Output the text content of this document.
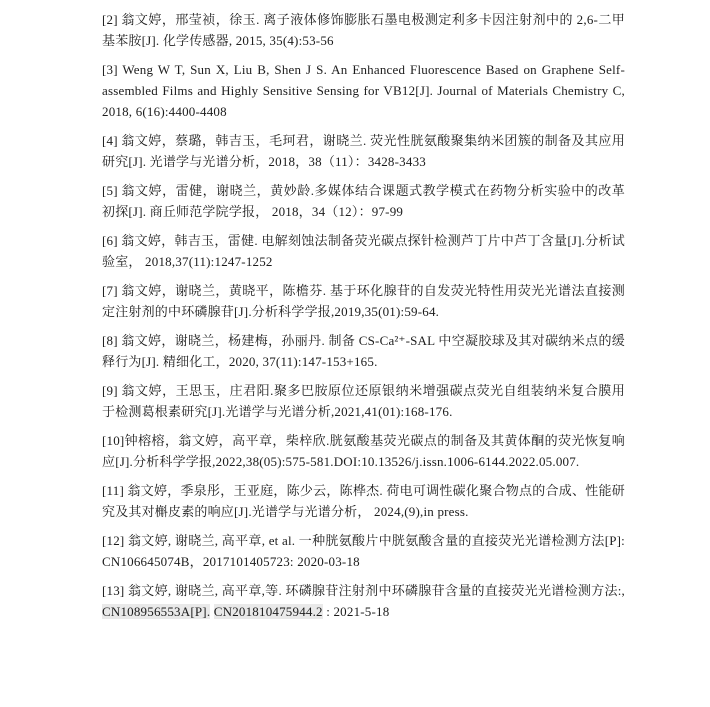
[2] 翁文婷，邢莹祯，徐玉. 离子液体修饰膨胀石墨电极测定利多卡因注射剂中的 2,6-二甲基苯胺[J]. 化学传感器, 2015, 35(4):53-56

[3] Weng W T, Sun X, Liu B, Shen J S. An Enhanced Fluorescence Based on Graphene Self-assembled Films and Highly Sensitive Sensing for VB12[J]. Journal of Materials Chemistry C, 2018, 6(16):4400-4408

[4] 翁文婷，蔡璐，韩吉玉，毛珂君，谢晓兰. 荧光性胱氨酸聚集纳米团簇的制备及其应用研究[J]. 光谱学与光谱分析，2018，38（11）：3428-3433

[5] 翁文婷，雷健，谢晓兰，黄妙龄.多媒体结合课题式教学模式在药物分析实验中的改革初探[J]. 商丘师范学院学报， 2018，34（12）：97-99

[6] 翁文婷，韩吉玉，雷健. 电解刻蚀法制备荧光碳点探针检测芦丁片中芦丁含量[J].分析试验室， 2018,37(11):1247-1252

[7] 翁文婷，谢晓兰，黄晓平，陈檐芬. 基于环化腺苷的自发荧光特性用荧光光谱法直接测定注射剂的中环磷腺苷[J].分析科学学报,2019,35(01):59-64.

[8] 翁文婷，谢晓兰，杨建梅，孙丽丹. 制备 CS-Ca²⁺-SAL 中空凝胶球及其对碳纳米点的缓释行为[J]. 精细化工，2020, 37(11):147-153+165.

[9] 翁文婷，王思玉，庄君阳.聚多巴胺原位还原银纳米增强碳点荧光自组装纳米复合膜用于检测葛根素研究[J].光谱学与光谱分析,2021,41(01):168-176.

[10]钟榕榕，翁文婷，高平章，柴梓欣.胱氨酸基荧光碳点的制备及其黄体酮的荧光恢复响应[J].分析科学学报,2022,38(05):575-581.DOI:10.13526/j.issn.1006-6144.2022.05.007.

[11] 翁文婷，季泉彤，王亚庭，陈少云，陈桦杰. 荷电可调性碳化聚合物点的合成、性能研究及其对槲皮素的响应[J].光谱学与光谱分析， 2024,(9),in press.

[12] 翁文婷, 谢晓兰, 高平章, et al. 一种胱氨酸片中胱氨酸含量的直接荧光光谱检测方法[P]: CN106645074B，2017101405723: 2020-03-18

[13] 翁文婷, 谢晓兰, 高平章,等. 环磷腺苷注射剂中环磷腺苷含量的直接荧光光谱检测方法:, CN108956553A[P]. CN201810475944.2 : 2021-5-18
